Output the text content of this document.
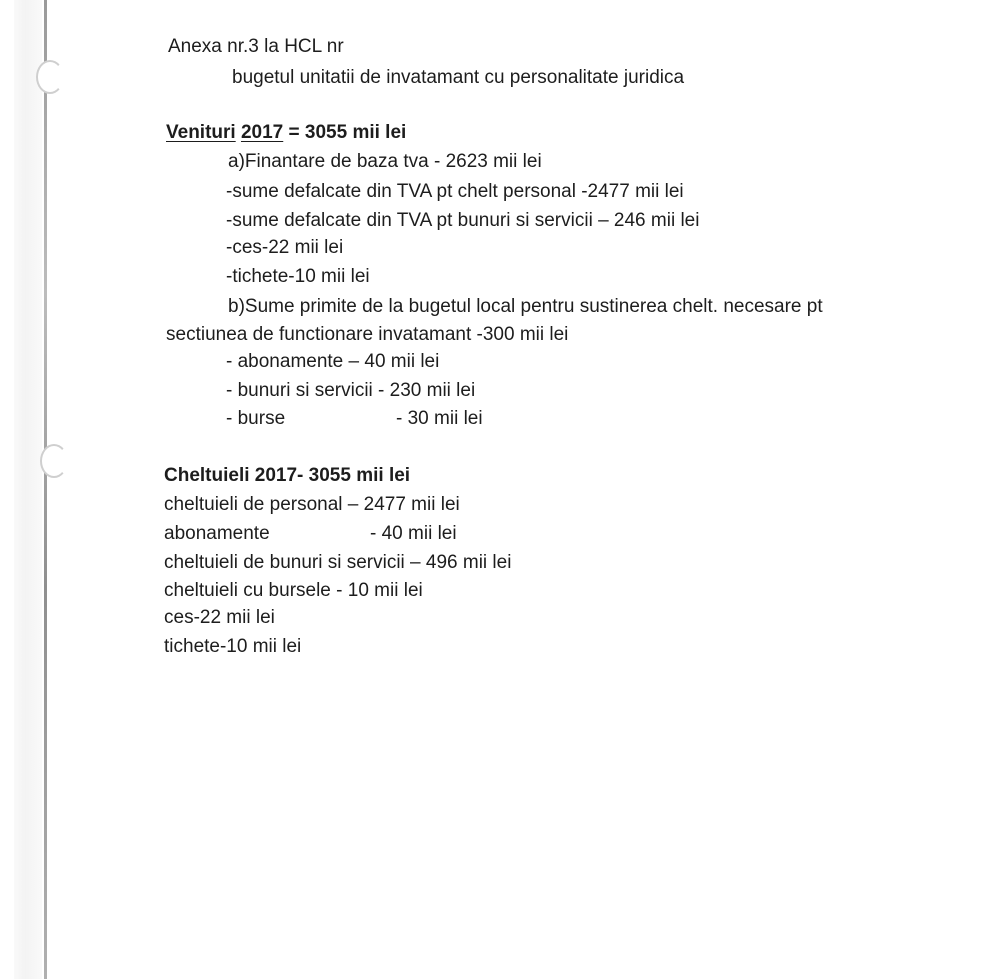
Anexa nr.3 la HCL nr
bugetul unitatii de invatamant cu personalitate juridica
Venituri 2017 = 3055 mii lei
a)Finantare de baza tva - 2623 mii lei
-sume defalcate din TVA pt chelt personal -2477 mii lei
-sume defalcate din TVA pt bunuri si servicii – 246 mii lei
-ces-22 mii lei
-tichete-10 mii lei
b)Sume primite de la bugetul local pentru sustinerea chelt. necesare pt
sectiunea de functionare invatamant -300 mii lei
- abonamente – 40 mii lei
- bunuri si servicii - 230 mii lei
- burse	- 30 mii lei
Cheltuieli 2017- 3055 mii lei
cheltuieli de personal – 2477 mii lei
abonamente	- 40 mii lei
cheltuieli de bunuri si servicii – 496 mii lei
cheltuieli cu bursele - 10 mii lei
ces-22 mii lei
tichete-10 mii lei
